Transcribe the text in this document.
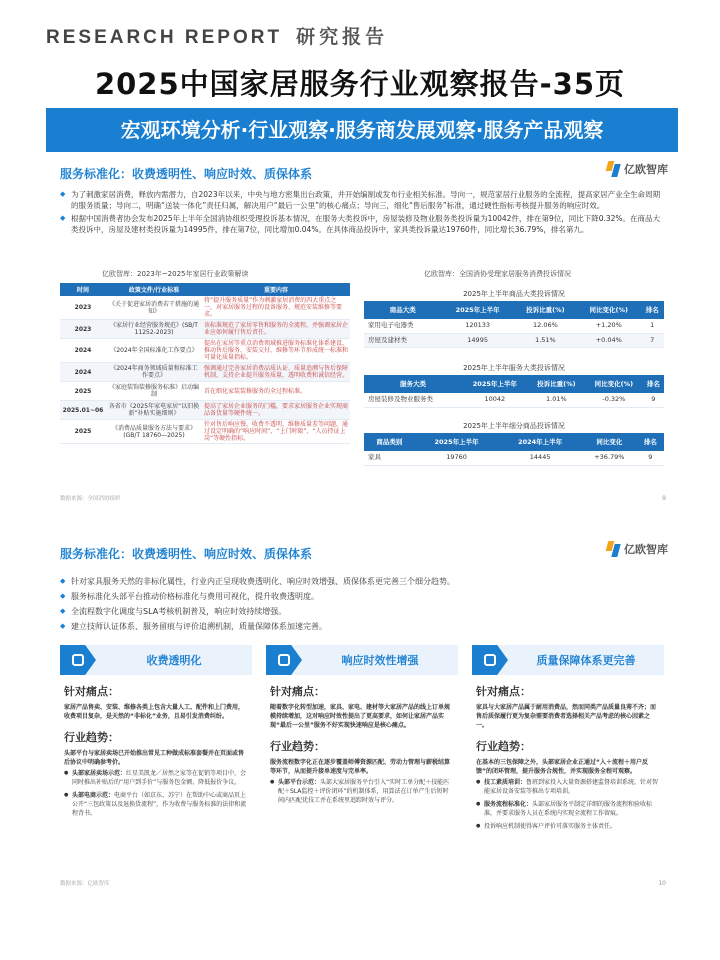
RESEARCH REPORT 研究报告
2025中国家居服务行业观察报告-35页
宏观环境分析·行业观察·服务商发展观察·服务产品观察
服务标准化：收费透明性、响应时效、质保体系	亿欧智库
◆ 为了刺激家居消费，释放内需潜力，自2023年以来，中央与地方密集出台政策，并开始编制或发布行业相关标准。导向一，规范家居行业服务的全流程，提高家居产业全生命周期的服务质量；导向二，明确“送装一体化”责任归属，解决用户“最后一公里”的核心痛点；导向三，细化“售后服务”标准，通过硬性指标考核提升服务的响应时效。
◆ 根据中国消费者协会发布2025年上半年全国消协组织受理投诉基本情况，在服务大类投诉中，房屋装修及物业服务类投诉量为10042件，排在第9位，同比下降0.32%。在商品大类投诉中，房屋及建材类投诉量为14995件，排在第7位，同比增加0.04%。在具体商品投诉中，家具类投诉量达19760件，同比增长36.79%，排名第九。
亿欧智库：2023年~2025年家居行业政策解读
时间	政策文件/行业标准	重要内容
2023	《关于促进家居消费若干措施的通知》	将“提升服务质量”作为刺激家居消费的四大重点之一，对家居服务过程的设备服务、规范安装维修等要求。
2023	《家居行业经营服务规范》(SB/T 11252-2023)	该标准规范了家居零售和服务的全流程，并强调家居企业应如何履行售后责任。
2024	《2024年全国标准化工作要点》	提出在家居等重点消费领域推进服务标准化体系建设，推动售后服务、安装交付、维修等环节形成统一标准和可量化质量指标。
2024	《2024年商务领域质量和标准工作要点》	强调通过完善家居消费品质认证、质量追溯与售后保障机制，支持企业提升服务质量，透明收费和诚信经营。
2025	《家庭装饰装修服务标准》启动编制	首在细化家装装修服务的全过程标准。
2025.01~06	各省市《2025年家电家居“以旧换新”补贴实施细则》	提高了家居企业服务的门槛，要求家居服务企业实现商品备货量等硬件统一。
2025	《消费品质量服务方法与要求》(GB/T 18760—2025)	针对售后响应慢、收费不透明、维修质量差等问题，通过设定明确的“响应时间”、“上门时限”、“人员持证上岗”等硬性指标。
亿欧智库：全国消协受理家居服务消费投诉情况
2025年上半年商品大类投诉情况
商品大类	2025年上半年	投诉比重(%)	同比变化(%)	排名
家用电子电器类	120133	12.06%	+1.20%	1
房屋及建材类	14995	1.51%	+0.04%	7
2025年上半年服务大类投诉情况
服务大类	2025年上半年	投诉比重(%)	同比变化(%)	排名
房屋装修及物业服务类	10042	1.01%	-0.32%	9
2025年上半年细分商品投诉情况
商品类别	2025年上半年	2024年上半年	同比变化	排名
家具	19760	14445	+36.79%	9
数据来源：全国消协组织	9
服务标准化：收费透明性、响应时效、质保体系	亿欧智库
◆ 针对家具服务天然的非标化属性，行业内正呈现收费透明化、响应时效增强、质保体系更完善三个细分趋势。
◆ 服务标准化头部平台推动价格标准化与费用可视化，提升收费透明度。
◆ 全流程数字化调度与SLA考核机制普及，响应时效持续增强。
◆ 建立技师认证体系、服务留痕与评价追溯机制，质量保障体系加速完善。
收费透明化
针对痛点：
家居产品售卖、安装、维修各类上包含大量人工、配件和上门费用，收费项目复杂，是天然的“非标化”业务，且易引发消费纠纷。
行业趋势：
头部平台与家居卖场已开始推出常见工种做成标准套餐并在页面或售后协议中明确参考价。
● 头部家居卖场示范：红星美凯龙／居然之家等在促销等项目中，会同时推出补贴后的“用户到手价”与服务包金额，降低报价争议。
● 头部电商示范：电商平台（如京东、苏宁）在帮助中心或商品页上公开“三包政策以及退换货流程”，作为收费与服务标准的法律和流程背书。
响应时效性增强
针对痛点：
随着数字化转型加速，家具、家电、建材等大家居产品的线上订单规模持续增加，这对响应时效性提出了更高要求，如何让家居产品实现“最后一公里”服务不好实现快速响应是核心痛点。
行业趋势：
服务流程数字化正在逐步覆盖师傅资源匹配、劳动力管理与薪税结算等环节，从而提升接单速度与完单率。
● 头部平台示范：头部大家居服务平台引入“实时工单分配＋技能匹配＋SLA监控＋评价闭环”的机制体系，用算法在订单产生后短时间内匹配优技工并在系统里追踪时效与评分。
质量保障体系更完善
针对痛点：
家具与大家居产品属于耐用消费品，然而同类产品质量良莠不齐；而售后质保履行更为复杂需要消费者选择相关产品考虑的核心因素之一。
行业趋势：
在基本的三包保障之外，头部家居企业正通过“入＋流程＋用户反馈”的闭环管理，提升服务合规性，并实现服务全程可观察。
● 技工素质培训：鲁班到家投入大量资源搭建监督培训系统，针对智能家居设备安装等推出专项培训。
● 服务流程标准化：头部家居服务平制定详细的服务流程和验收标准，并要求服务人员在系统内实现全流程工作留痕。
● 投诉响应机制使得客户评价可落实服务主体责任。
数据来源：亿欧智库	10
